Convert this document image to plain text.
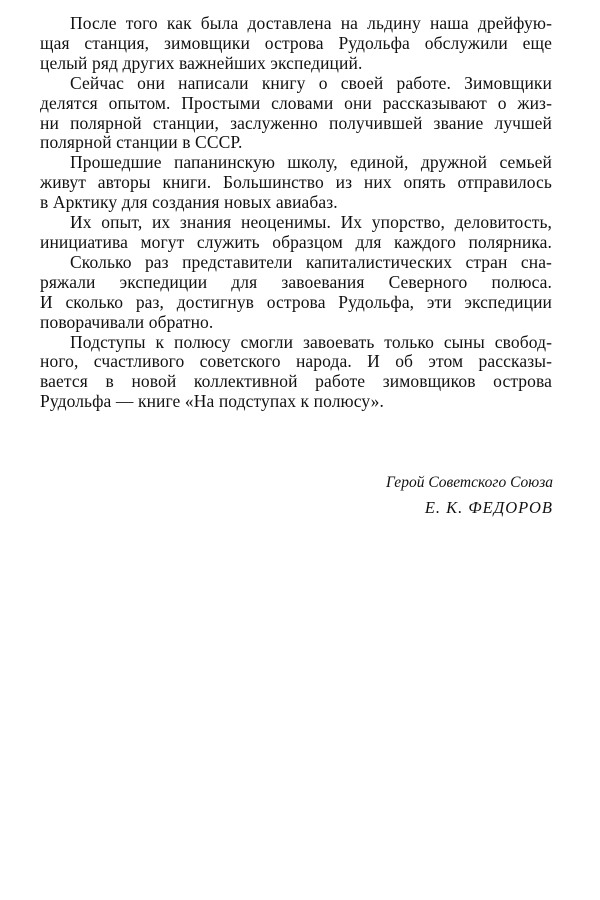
После того как была доставлена на льдину наша дрейфую-
щая станция, зимовщики острова Рудольфа обслужили еще
целый ряд других важнейших экспедиций.
Сейчас они написали книгу о своей работе. Зимовщики
делятся опытом. Простыми словами они рассказывают о жиз-
ни полярной станции, заслуженно получившей звание лучшей
полярной станции в СССР.
Прошедшие папанинскую школу, единой, дружной семьей
живут авторы книги. Большинство из них опять отправилось
в Арктику для создания новых авиабаз.
Их опыт, их знания неоценимы. Их упорство, деловитость,
инициатива могут служить образцом для каждого полярника.
Сколько раз представители капиталистических стран сна-
ряжали экспедиции для завоевания Северного полюса.
И сколько раз, достигнув острова Рудольфа, эти экспедиции
поворачивали обратно.
Подступы к полюсу смогли завоевать только сыны свобод-
ного, счастливого советского народа. И об этом рассказы-
вается в новой коллективной работе зимовщиков острова
Рудольфа — книге «На подступах к полюсу».
Герой Советского Союза
Е. К. ФЕДОРОВ
